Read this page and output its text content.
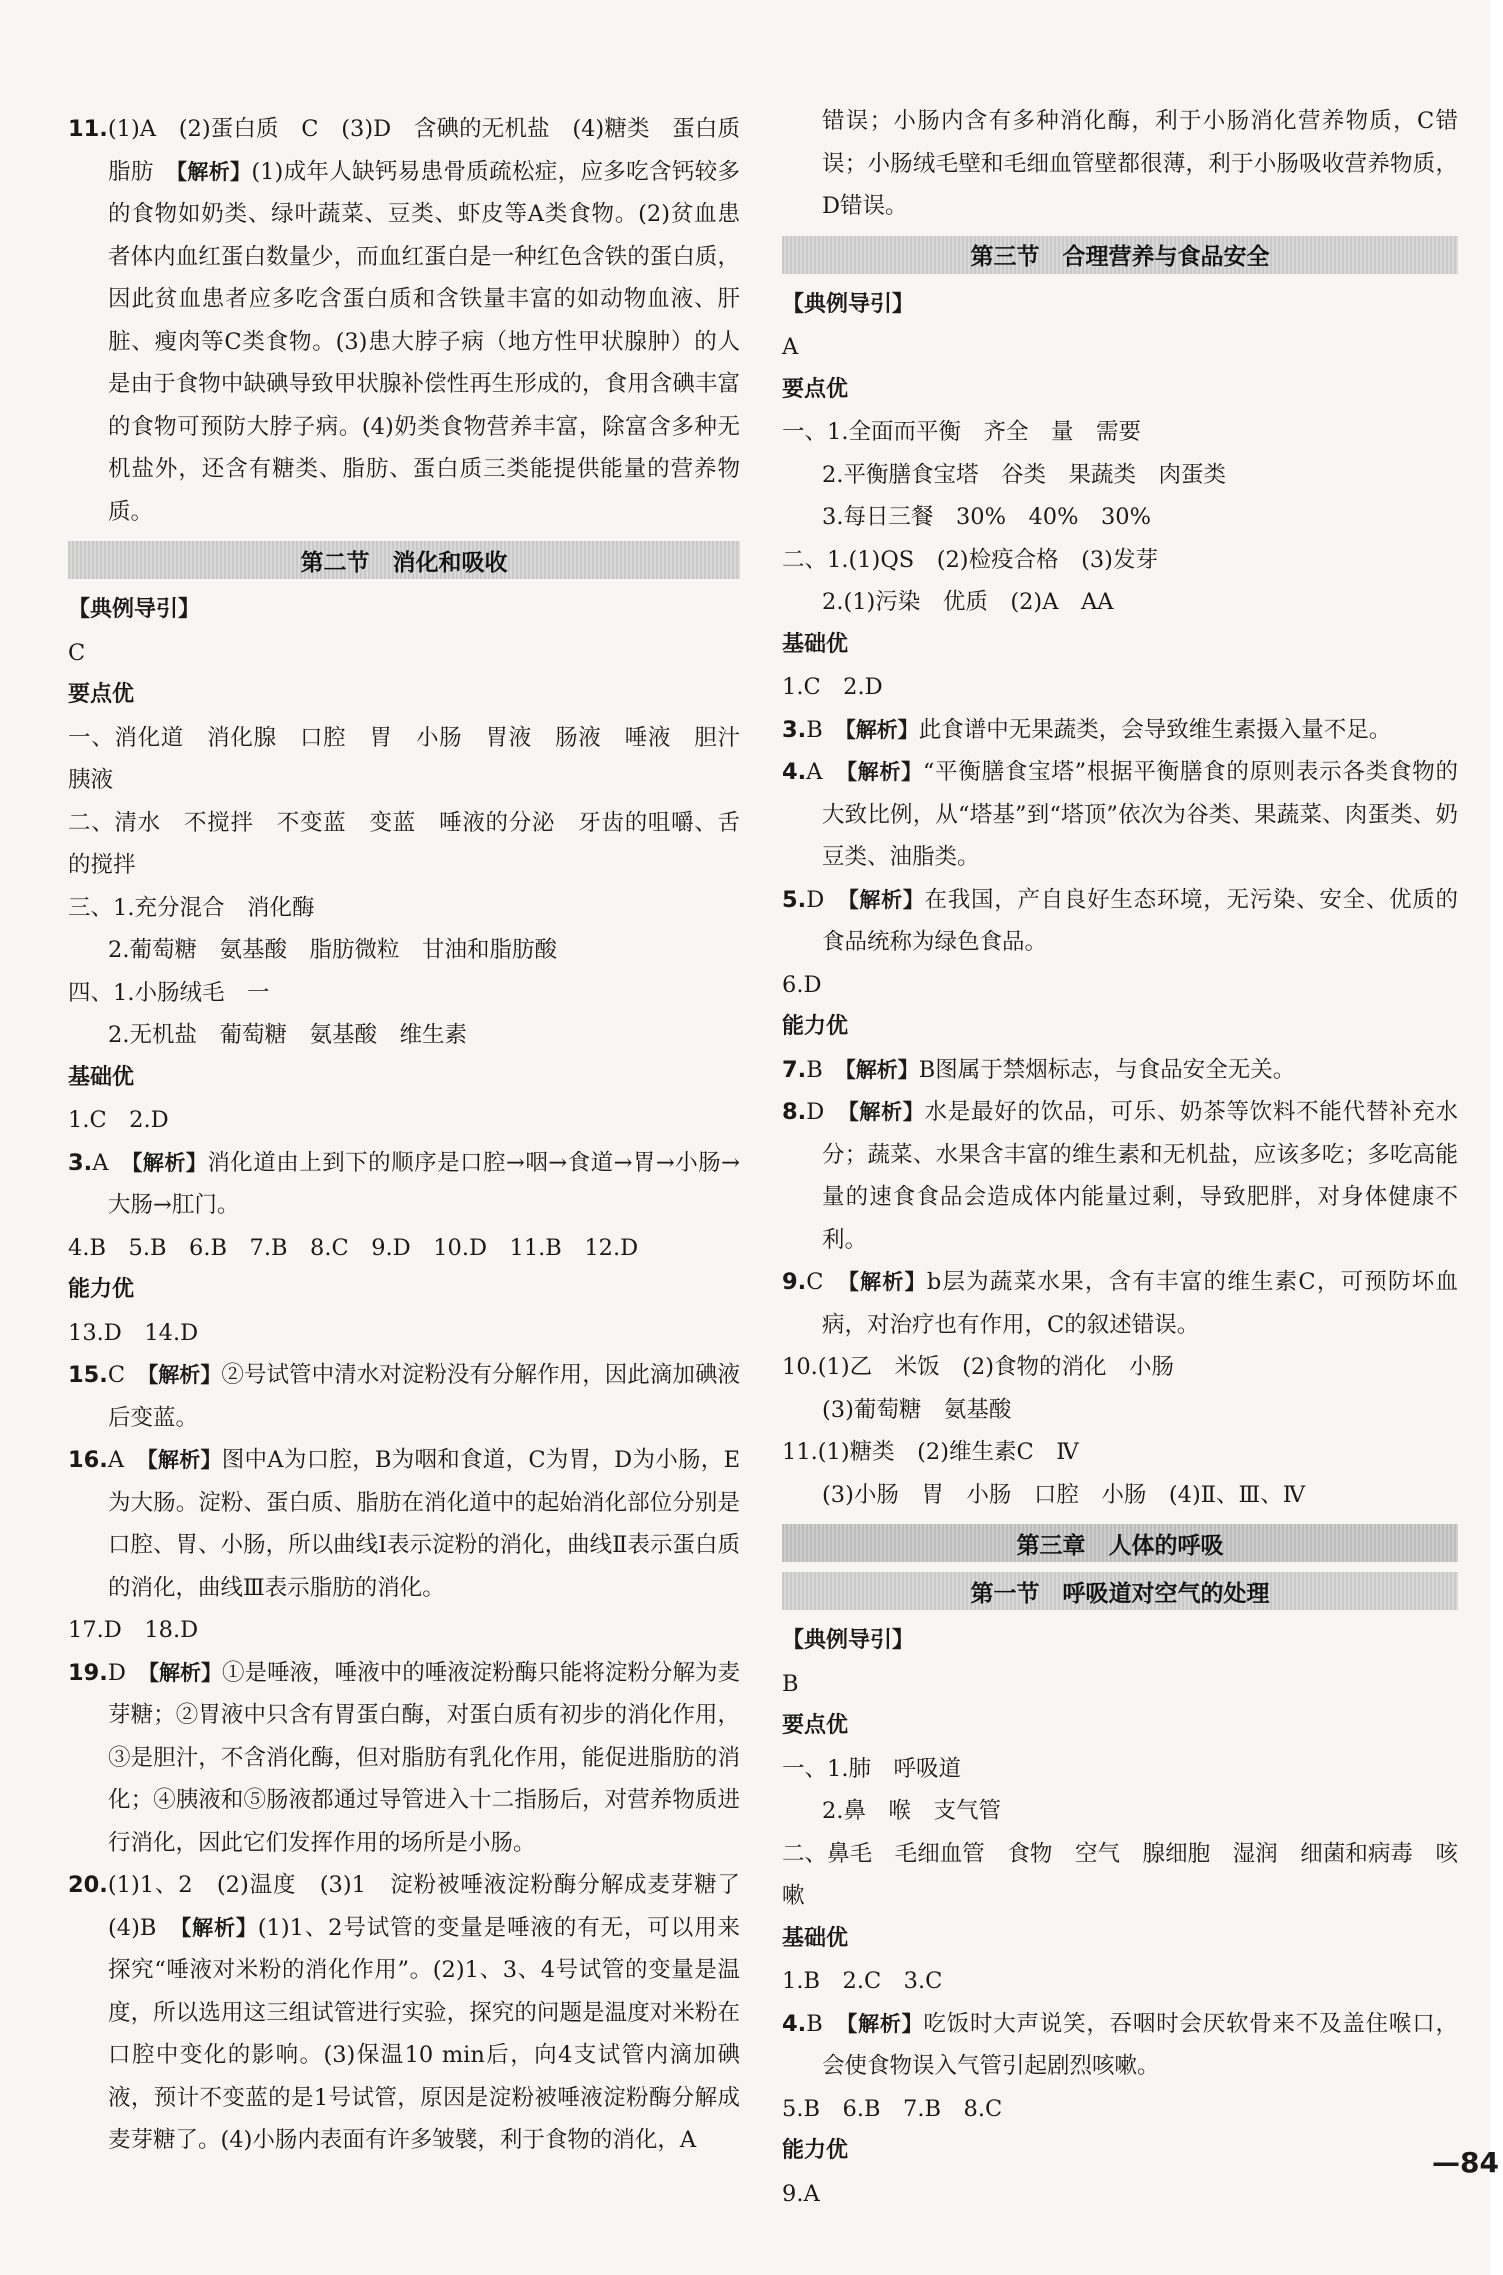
11.(1)A　(2)蛋白质　C　(3)D　含碘的无机盐　(4)糖类　蛋白质　脂肪　【解析】(1)成年人缺钙易患骨质疏松症，应多吃含钙较多的食物如奶类、绿叶蔬菜、豆类、虾皮等A类食物。(2)贫血患者体内血红蛋白数量少，而血红蛋白是一种红色含铁的蛋白质，因此贫血患者应多吃含蛋白质和含铁量丰富的如动物血液、肝脏、瘦肉等C类食物。(3)患大脖子病（地方性甲状腺肿）的人是由于食物中缺碘导致甲状腺补偿性再生形成的，食用含碘丰富的食物可预防大脖子病。(4)奶类食物营养丰富，除富含多种无机盐外，还含有糖类、脂肪、蛋白质三类能提供能量的营养物质。

第二节　消化和吸收
【典例导引】

C

要点优

一、消化道　消化腺　口腔　胃　小肠　胃液　肠液　唾液　胆汁　胰液

二、清水　不搅拌　不变蓝　变蓝　唾液的分泌　牙齿的咀嚼、舌的搅拌

三、1.充分混合　消化酶

2.葡萄糖　氨基酸　脂肪微粒　甘油和脂肪酸

四、1.小肠绒毛　一

2.无机盐　葡萄糖　氨基酸　维生素

基础优

1.C　2.D

3.A　【解析】消化道由上到下的顺序是口腔→咽→食道→胃→小肠→大肠→肛门。

4.B　5.B　6.B　7.B　8.C　9.D　10.D　11.B　12.D

能力优

13.D　14.D

15.C　【解析】②号试管中清水对淀粉没有分解作用，因此滴加碘液后变蓝。

16.A　【解析】图中A为口腔，B为咽和食道，C为胃，D为小肠，E为大肠。淀粉、蛋白质、脂肪在消化道中的起始消化部位分别是口腔、胃、小肠，所以曲线Ⅰ表示淀粉的消化，曲线Ⅱ表示蛋白质的消化，曲线Ⅲ表示脂肪的消化。

17.D　18.D

19.D　【解析】①是唾液，唾液中的唾液淀粉酶只能将淀粉分解为麦芽糖；②胃液中只含有胃蛋白酶，对蛋白质有初步的消化作用，③是胆汁，不含消化酶，但对脂肪有乳化作用，能促进脂肪的消化；④胰液和⑤肠液都通过导管进入十二指肠后，对营养物质进行消化，因此它们发挥作用的场所是小肠。

20.(1)1、2　(2)温度　(3)1　淀粉被唾液淀粉酶分解成麦芽糖了　(4)B　【解析】(1)1、2号试管的变量是唾液的有无，可以用来探究“唾液对米粉的消化作用”。(2)1、3、4号试管的变量是温度，所以选用这三组试管进行实验，探究的问题是温度对米粉在口腔中变化的影响。(3)保温10 min后，向4支试管内滴加碘液，预计不变蓝的是1号试管，原因是淀粉被唾液淀粉酶分解成麦芽糖了。(4)小肠内表面有许多皱襞，利于食物的消化，A

错误；小肠内含有多种消化酶，利于小肠消化营养物质，C错误；小肠绒毛壁和毛细血管壁都很薄，利于小肠吸收营养物质，D错误。

第三节　合理营养与食品安全
【典例导引】

A

要点优

一、1.全面而平衡　齐全　量　需要

2.平衡膳食宝塔　谷类　果蔬类　肉蛋类

3.每日三餐　30%　40%　30%

二、1.(1)QS　(2)检疫合格　(3)发芽

2.(1)污染　优质　(2)A　AA

基础优

1.C　2.D

3.B　【解析】此食谱中无果蔬类，会导致维生素摄入量不足。

4.A　【解析】“平衡膳食宝塔”根据平衡膳食的原则表示各类食物的大致比例，从“塔基”到“塔顶”依次为谷类、果蔬菜、肉蛋类、奶豆类、油脂类。

5.D　【解析】在我国，产自良好生态环境，无污染、安全、优质的食品统称为绿色食品。

6.D

能力优

7.B　【解析】B图属于禁烟标志，与食品安全无关。

8.D　【解析】水是最好的饮品，可乐、奶茶等饮料不能代替补充水分；蔬菜、水果含丰富的维生素和无机盐，应该多吃；多吃高能量的速食食品会造成体内能量过剩，导致肥胖，对身体健康不利。

9.C　【解析】b层为蔬菜水果，含有丰富的维生素C，可预防坏血病，对治疗也有作用，C的叙述错误。

10.(1)乙　米饭　(2)食物的消化　小肠

(3)葡萄糖　氨基酸

11.(1)糖类　(2)维生素C　Ⅳ

(3)小肠　胃　小肠　口腔　小肠　(4)Ⅱ、Ⅲ、Ⅳ

第三章　人体的呼吸
第一节　呼吸道对空气的处理
【典例导引】

B

要点优

一、1.肺　呼吸道

2.鼻　喉　支气管

二、鼻毛　毛细血管　食物　空气　腺细胞　湿润　细菌和病毒　咳嗽

基础优

1.B　2.C　3.C

4.B　【解析】吃饭时大声说笑，吞咽时会厌软骨来不及盖住喉口，会使食物误入气管引起剧烈咳嗽。

5.B　6.B　7.B　8.C

能力优

9.A

—84
